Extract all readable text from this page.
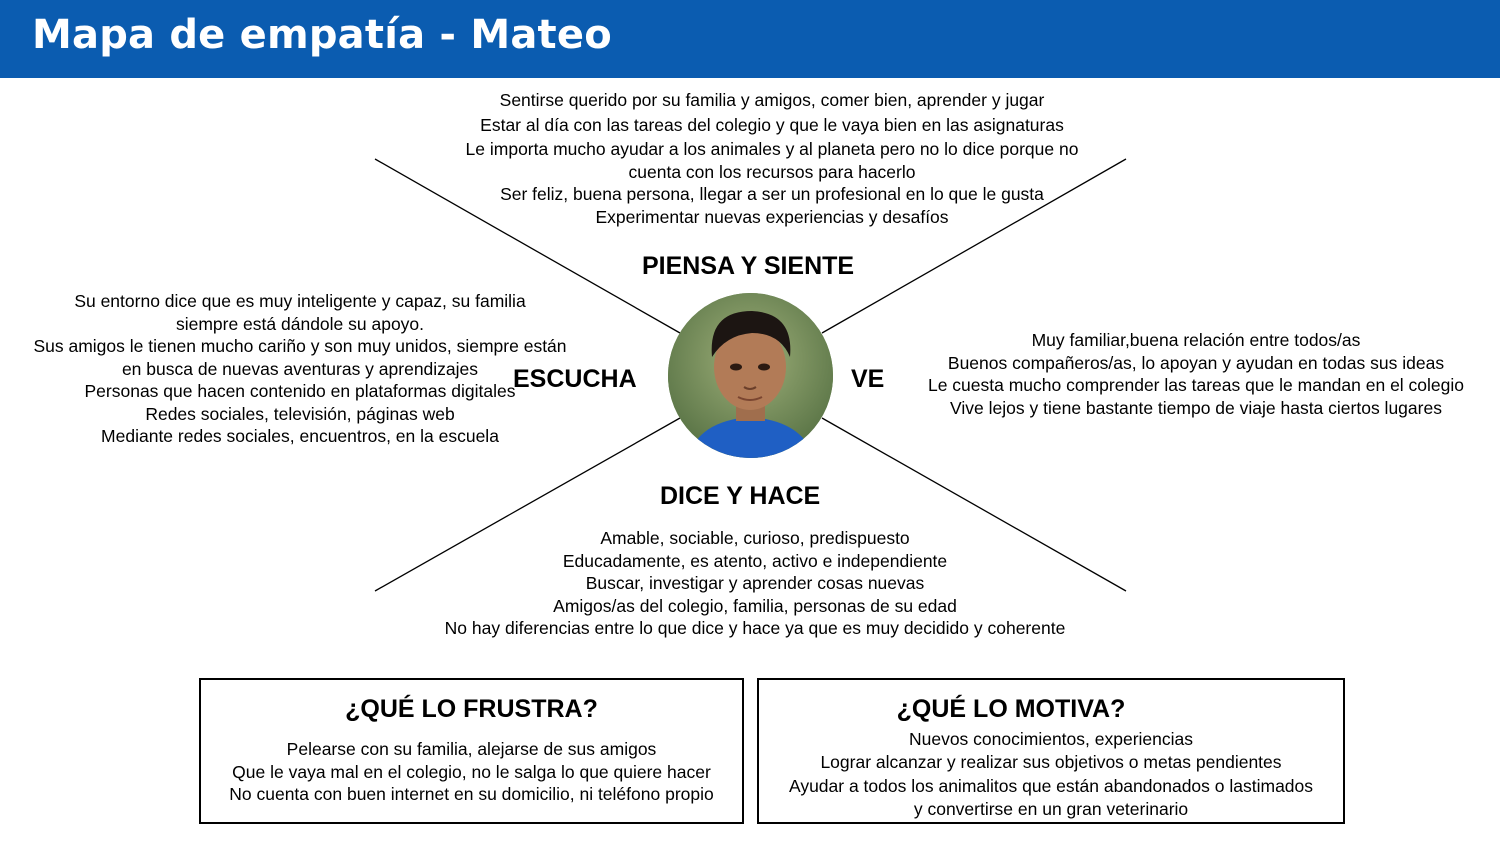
Mapa de empatía - Mateo
Sentirse querido por su familia y amigos, comer bien, aprender y jugar
Estar al día con las tareas del colegio y que le vaya bien en las asignaturas
Le importa mucho ayudar a los animales y al planeta pero no lo dice porque no
cuenta con los recursos para hacerlo
Ser feliz, buena persona, llegar a ser un profesional en lo que le gusta
Experimentar nuevas experiencias y desafíos
PIENSA Y SIENTE
Su entorno dice que es muy inteligente y capaz, su familia
siempre está dándole su apoyo.
Sus amigos le tienen mucho cariño y son muy unidos, siempre están
en busca de nuevas aventuras y aprendizajes
Personas que hacen contenido en plataformas digitales
Redes sociales, televisión, páginas web
Mediante redes sociales, encuentros, en la escuela
ESCUCHA
Muy familiar,buena relación entre todos/as
Buenos compañeros/as, lo apoyan y ayudan en todas sus ideas
Le cuesta mucho comprender las tareas que le mandan en el colegio
Vive lejos y tiene bastante tiempo de viaje hasta ciertos lugares
VE
DICE Y HACE
Amable, sociable, curioso, predispuesto
Educadamente, es atento, activo e independiente
Buscar, investigar y aprender cosas nuevas
Amigos/as del colegio, familia, personas de su edad
No hay diferencias entre lo que dice y hace ya que es muy decidido y coherente
¿QUÉ LO FRUSTRA?
Pelearse con su familia, alejarse de sus amigos
Que le vaya mal en el colegio, no le salga lo que quiere hacer
No cuenta con buen internet en su domicilio, ni teléfono propio
¿QUÉ LO MOTIVA?
Nuevos conocimientos, experiencias
Lograr alcanzar y realizar sus objetivos o metas pendientes
Ayudar a todos los animalitos que están abandonados o lastimados
y convertirse en un gran veterinario
